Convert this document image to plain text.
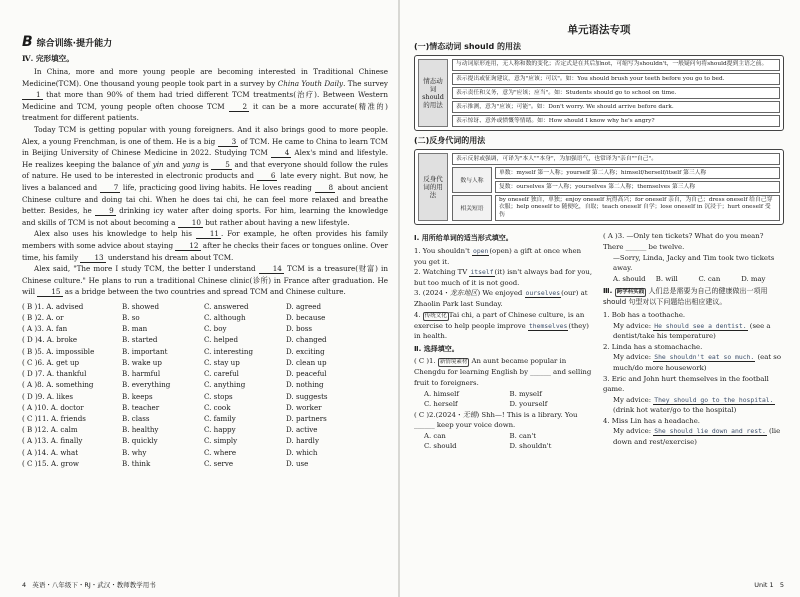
B 综合训练·提升能力
Ⅳ. 完形填空。

In China, more and more young people are becoming interested in Traditional Chinese Medicine(TCM). One thousand young people took part in a survey by China Youth Daily. The survey 1 that more than 90% of them had tried different TCM treatments(治疗). Between Western Medicine and TCM, young people often choose TCM 2 it can be a more accurate(精准的) treatment for different patients.

Today TCM is getting popular with young foreigners. And it also brings good to more people. Alex, a young Frenchman, is one of them. He is a big 3 of TCM. He came to China to learn TCM in Beijing University of Chinese Medicine in 2022. Studying TCM 4 Alex's mind and lifestyle. He realizes keeping the balance of yin and yang is 5 and that everyone should follow the rules of nature. He used to be interested in electronic products and 6 late every night. But now, he lives a balanced and 7 life, practicing good living habits. He loves reading 8 about ancient Chinese culture and doing tai chi. When he does tai chi, he can feel more relaxed and breathe better. Besides, he 9 drinking icy water after doing sports. For him, learning the knowledge and skills of TCM is not about becoming a 10 but rather about having a new lifestyle.

Alex also uses his knowledge to help his 11 . For example, he often provides his family members with some advice about staying 12 after he checks their faces or tongues online. Over time, his family 13 understand his dream about TCM.

Alex said, "The more I study TCM, the better I understand 14 TCM is a treasure(财富) in Chinese culture." He plans to run a traditional Chinese clinic(诊所) in France after graduation. He will 15 as a bridge between the two countries and spread TCM and Chinese culture.

( B )1. A. advised	B. showed	C. answered	D. agreed
( B )2. A. or	B. so	C. although	D. because
( A )3. A. fan	B. man	C. boy	D. boss
( D )4. A. broke	B. started	C. helped	D. changed
( B )5. A. impossible	B. important	C. interesting	D. exciting
( C )6. A. get up	B. wake up	C. stay up	D. clean up
( D )7. A. thankful	B. harmful	C. careful	D. peaceful
( A )8. A. something	B. everything	C. anything	D. nothing
( D )9. A. likes	B. keeps	C. stops	D. suggests
( A )10. A. doctor	B. teacher	C. cook	D. worker
( C )11. A. friends	B. class	C. family	D. partners
( B )12. A. calm	B. healthy	C. happy	D. active
( A )13. A. finally	B. quickly	C. simply	D. hardly
( A )14. A. what	B. why	C. where	D. which
( C )15. A. grow	B. think	C. serve	D. use
单元语法专项
(一)情态动词 should 的用法
情态动词should的用法
与动词原形连用，无人称和数的变化；否定式是在其后加not，可缩写为shouldn't，一般疑问句将should提到主语之前。
表示提出或征询建议，意为"应该；可以"。如：You should brush your teeth before you go to bed.
表示责任和义务，意为"应该；应当"。如：Students should go to school on time.
表示推测，意为"应该；可能"。如：Don't worry. We should arrive before dark.
表示惊讶、意外或愤慨等情绪。如：How should I know why he's angry?
(二)反身代词的用法
反身代词的用法
表示反射或强调，可译为"本人""本身"，为加强语气，也常译为"亲自""自己"。
数与人称
单数：myself 第一人称；yourself 第二人称；himself/herself/itself 第三人称
复数：ourselves 第一人称；yourselves 第二人称；themselves 第三人称
相关短语
by oneself 独自，单独；enjoy oneself 玩得高兴；for oneself 亲自，为自己；dress oneself 给自己穿衣服；help oneself to 随便吃，自取；teach oneself 自学；lose oneself in 沉浸于；hurt oneself 受伤
Ⅰ. 用所给单词的适当形式填空。
1. You shouldn't open(open) a gift at once when you get it.
2. Watching TV itself(it) isn't always bad for you, but too much of it is not good.
3. (2024・龙东地区) We enjoyed ourselves(our) at Zhaolin Park last Sunday.
4. 传统文化 Tai chi, a part of Chinese culture, is an exercise to help people improve themselves(they) in health.
Ⅱ. 选择填空。
( C )1. 新情境素材 An aunt became popular in Chengdu for learning English by ______ and selling fruit to foreigners.
A. himself	B. myself
C. herself	D. yourself
( C )2.(2024・无锡) Shh—! This is a library. You ______ keep your voice down.
A. can	B. can't
C. should	D. shouldn't
( A )3. —Only ten tickets? What do you mean? There ______ be twelve.
—Sorry, Linda, Jacky and Tim took two tickets away.
A. should	B. will	C. can	D. may
Ⅲ. 跨学科实践 人们总是需要为自己的健康做出一项用 should 句型对以下问题给出相应建议。
1. Bob has a toothache.
My advice: He should see a dentist. (see a dentist/take his temperature)
2. Linda has a stomachache.
My advice: She shouldn't eat so much. (eat so much/do more housework)
3. Eric and John hurt themselves in the football game.
My advice: They should go to the hospital. (drink hot water/go to the hospital)
4. Miss Lin has a headache.
My advice: She should lie down and rest. (lie down and rest/exercise)
4 英语・八年级下・RJ・武汉・教师教学用书	Unit 1 5
